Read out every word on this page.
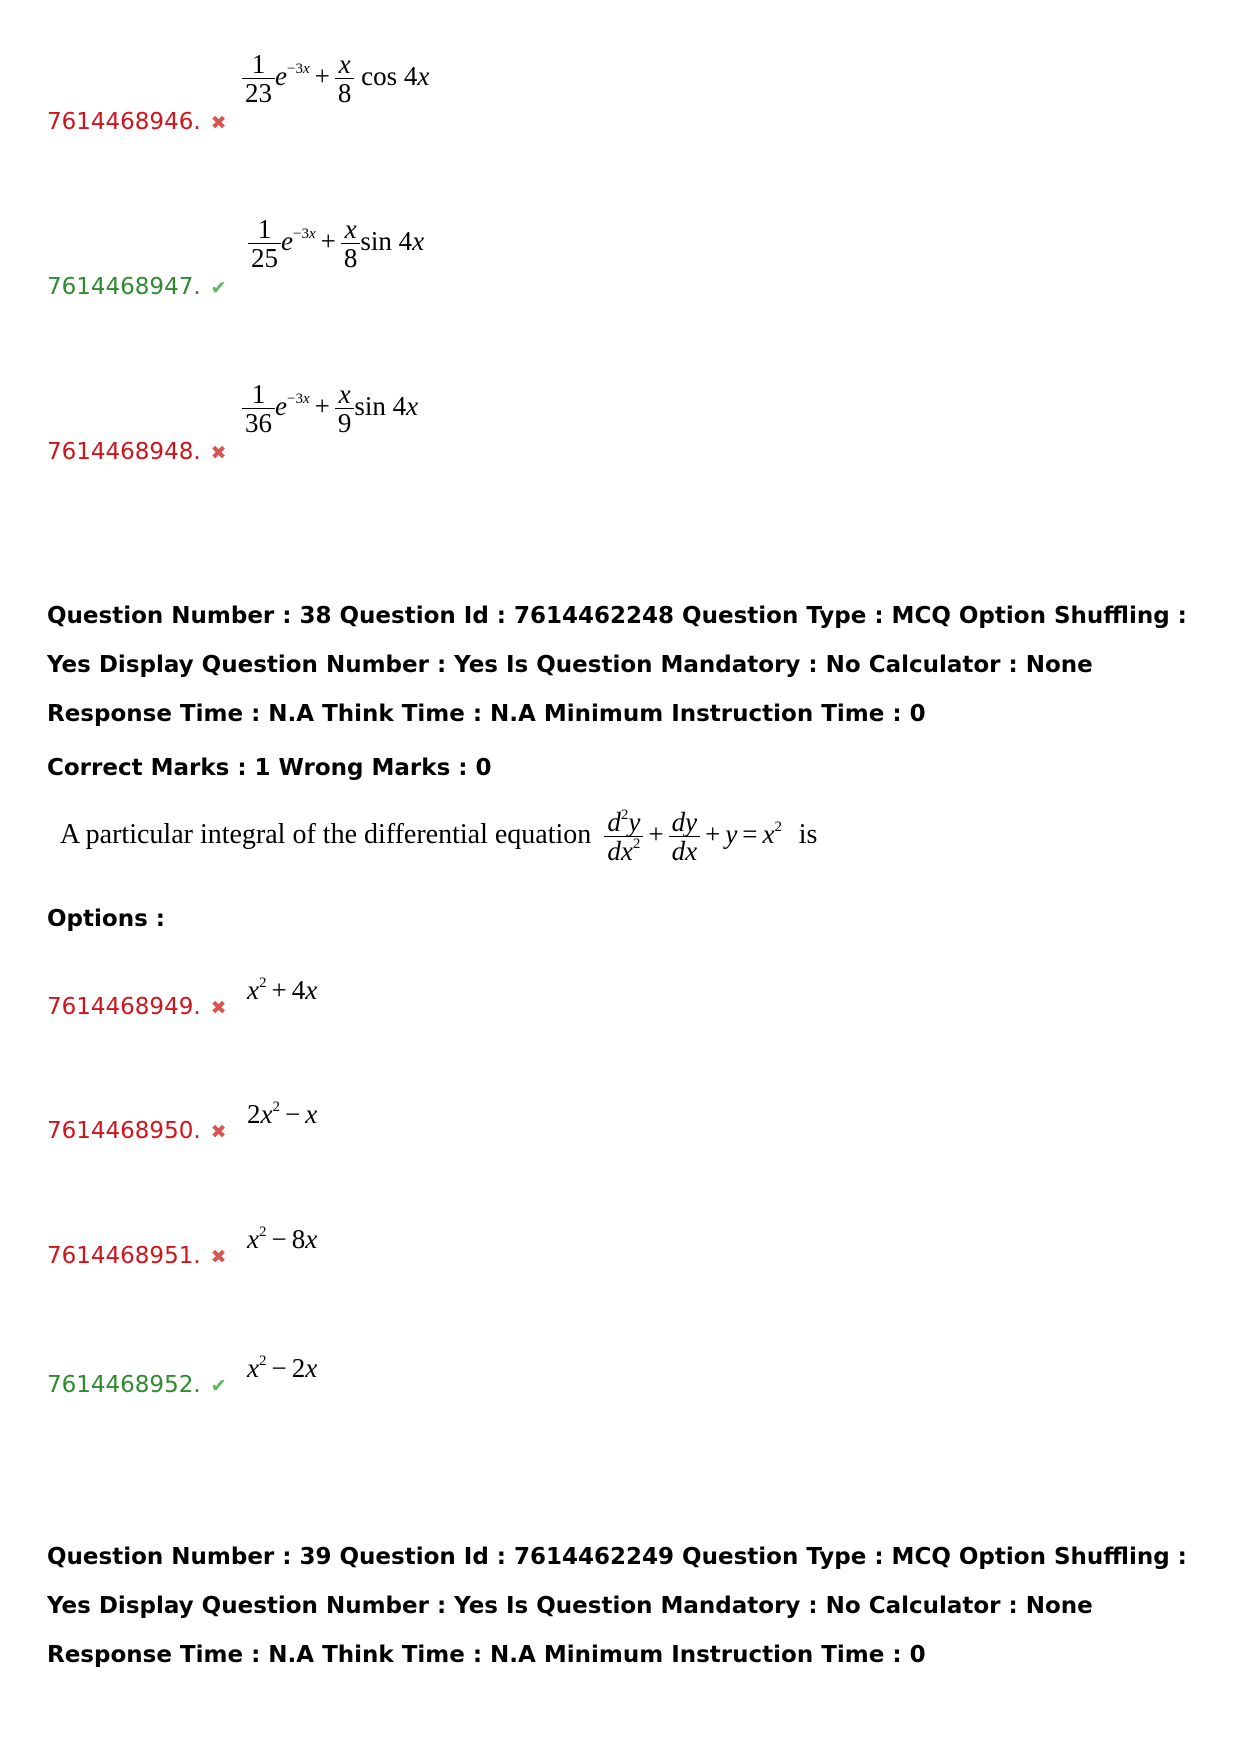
$\frac{1}{23} e^{-3x} + \frac{x}{8}$ cos 4x
7614468946. ✖
$\frac{1}{25} e^{-3x} + \frac{x}{8}$ sin 4x
7614468947. ✔
$\frac{1}{36} e^{-3x} + \frac{x}{9}$ sin 4x
7614468948. ✖
Question Number : 38 Question Id : 7614462248 Question Type : MCQ Option Shuffling : Yes Display Question Number : Yes Is Question Mandatory : No Calculator : None Response Time : N.A Think Time : N.A Minimum Instruction Time : 0
Correct Marks : 1 Wrong Marks : 0
A particular integral of the differential equation $\frac{d^2y}{dx^2} + \frac{dy}{dx} + y = x^2$ is
Options :
7614468949. ✖
$x^2 + 4x$
7614468950. ✖
$2x^2 - x$
7614468951. ✖
$x^2 - 8x$
7614468952. ✔
$x^2 - 2x$
Question Number : 39 Question Id : 7614462249 Question Type : MCQ Option Shuffling : Yes Display Question Number : Yes Is Question Mandatory : No Calculator : None Response Time : N.A Think Time : N.A Minimum Instruction Time : 0
